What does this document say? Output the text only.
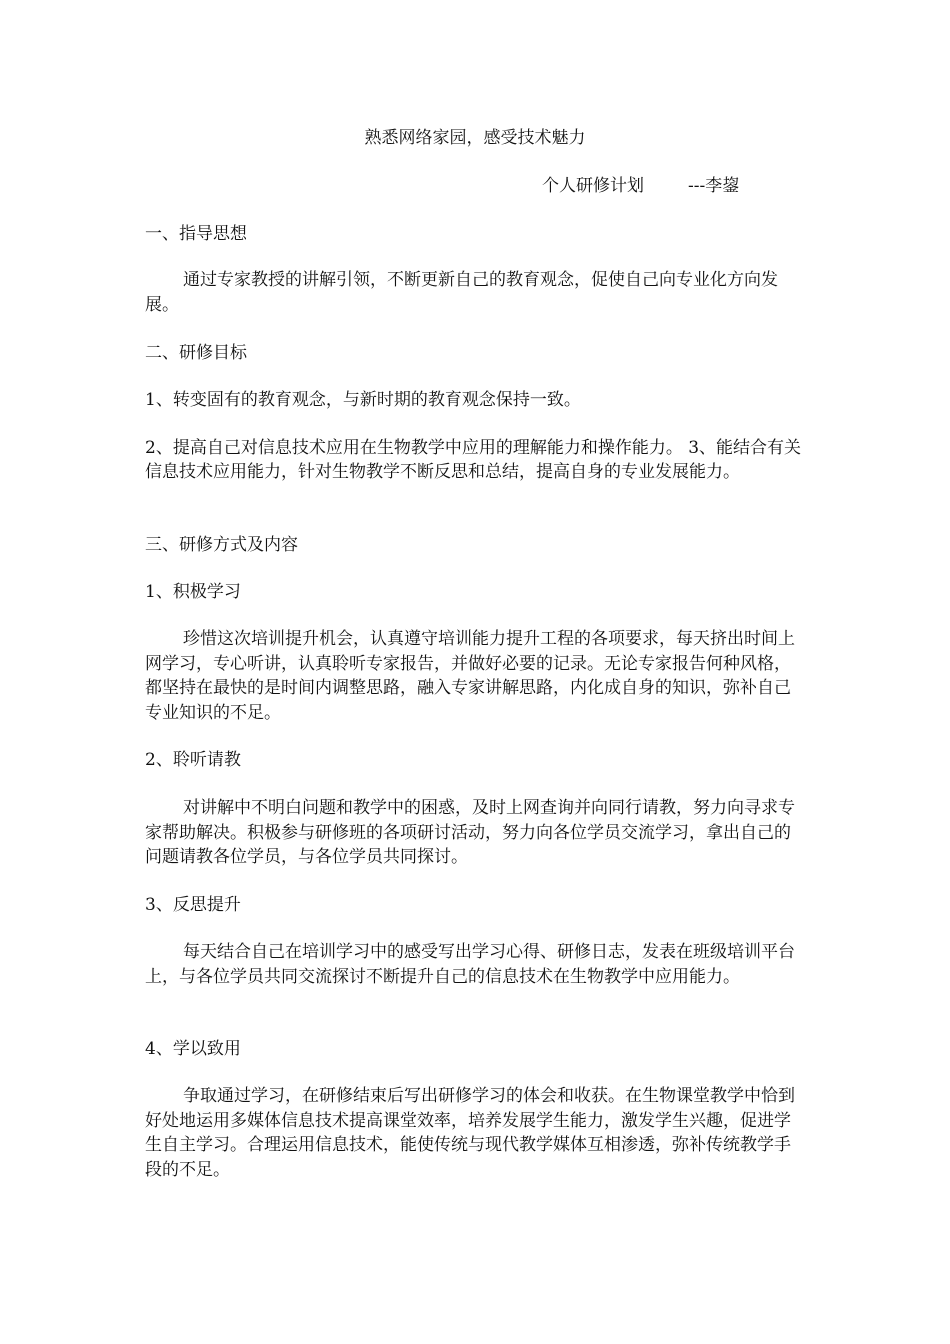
熟悉网络家园，感受技术魅力
个人研修计划	---李鋆

一、指导思想

通过专家教授的讲解引领，不断更新自己的教育观念，促使自己向专业化方向发展。

二、研修目标

1、转变固有的教育观念，与新时期的教育观念保持一致。

2、提高自己对信息技术应用在生物教学中应用的理解能力和操作能力。 3、能结合有关信息技术应用能力，针对生物教学不断反思和总结，提高自身的专业发展能力。

三、研修方式及内容

1、积极学习

珍惜这次培训提升机会，认真遵守培训能力提升工程的各项要求，每天挤出时间上网学习，专心听讲，认真聆听专家报告，并做好必要的记录。无论专家报告何种风格，都坚持在最快的是时间内调整思路，融入专家讲解思路，内化成自身的知识，弥补自己专业知识的不足。

2、聆听请教

对讲解中不明白问题和教学中的困惑，及时上网查询并向同行请教，努力向寻求专家帮助解决。积极参与研修班的各项研讨活动，努力向各位学员交流学习，拿出自己的问题请教各位学员，与各位学员共同探讨。

3、反思提升

每天结合自己在培训学习中的感受写出学习心得、研修日志，发表在班级培训平台上，与各位学员共同交流探讨不断提升自己的信息技术在生物教学中应用能力。

4、学以致用

争取通过学习，在研修结束后写出研修学习的体会和收获。在生物课堂教学中恰到好处地运用多媒体信息技术提高课堂效率，培养发展学生能力，激发学生兴趣，促进学生自主学习。合理运用信息技术，能使传统与现代教学媒体互相渗透，弥补传统教学手段的不足。
